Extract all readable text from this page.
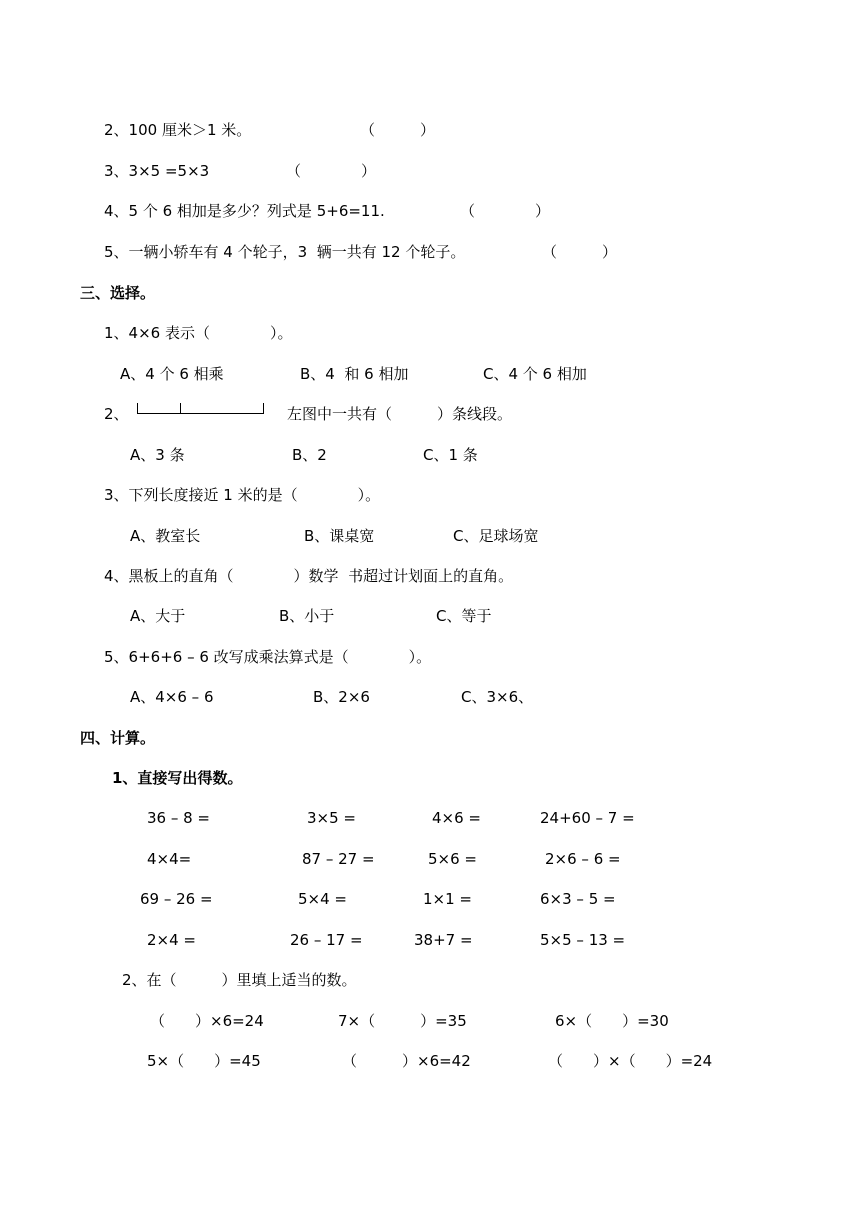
2、100 厘米＞1 米。	（　　　）
3、3×5 =5×3	（　　　　）
4、5 个 6 相加是多少？列式是 5+6=11.	（　　　　）
5、一辆小轿车有 4 个轮子，3  辆一共有 12 个轮子。	（　　　）
三、选择。
1、4×6 表示（　　　　）。
A、4 个 6 相乘	B、4  和 6 相加	C、4 个 6 相加
2、	左图中一共有（　　　）条线段。
A、3 条	B、2	C、1 条
3、下列长度接近 1 米的是（　　　　）。
A、教室长	B、课桌宽	C、足球场宽
4、黑板上的直角（　　　　）数学  书超过计划面上的直角。
A、大于	B、小于	C、等于
5、6+6+6 – 6 改写成乘法算式是（　　　　）。
A、4×6 – 6	B、2×6	C、3×6、
四、计算。
1、直接写出得数。
36 – 8 =	3×5 =	4×6 =	24+60 – 7 =
4×4=	87 – 27 =	5×6 =	2×6 – 6 =
69 – 26 =	5×4 =	1×1 =	6×3 – 5 =
2×4 =	26 – 17 =	38+7 =	5×5 – 13 =
2、在（　　　）里填上适当的数。
（　　）×6=24	7×（　　　）=35	6×（　　）=30
5×（　　）=45	（　　　）×6=42	（　　）×（　　）=24
